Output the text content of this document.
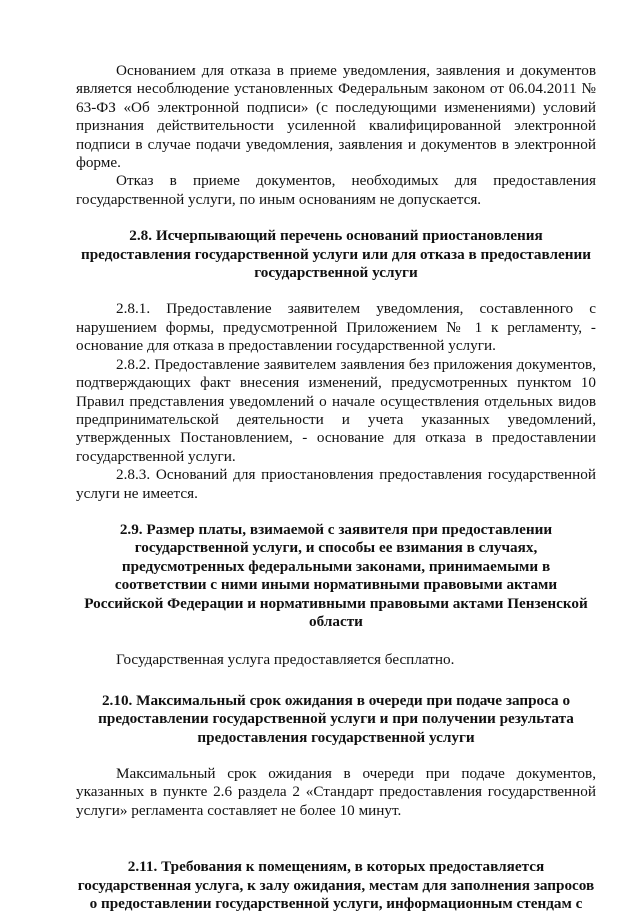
Основанием для отказа в приеме уведомления, заявления и документов является несоблюдение установленных Федеральным законом от 06.04.2011 № 63-ФЗ «Об электронной подписи» (с последующими изменениями) условий признания действительности усиленной квалифицированной электронной подписи в случае подачи уведомления, заявления и документов в электронной форме.

Отказ в приеме документов, необходимых для предоставления государственной услуги, по иным основаниям не допускается.

2.8. Исчерпывающий перечень оснований приостановления предоставления государственной услуги или для отказа в предоставлении государственной услуги

2.8.1. Предоставление заявителем уведомления, составленного с нарушением формы, предусмотренной Приложением № 1 к регламенту, - основание для отказа в предоставлении государственной услуги.

2.8.2. Предоставление заявителем заявления без приложения документов, подтверждающих факт внесения изменений, предусмотренных пунктом 10 Правил представления уведомлений о начале осуществления отдельных видов предпринимательской деятельности и учета указанных уведомлений, утвержденных Постановлением, - основание для отказа в предоставлении государственной услуги.

2.8.3. Оснований для приостановления предоставления государственной услуги не имеется.

2.9. Размер платы, взимаемой с заявителя при предоставлении государственной услуги, и способы ее взимания в случаях, предусмотренных федеральными законами, принимаемыми в соответствии с ними иными нормативными правовыми актами Российской Федерации и нормативными правовыми актами Пензенской области

Государственная услуга предоставляется бесплатно.

2.10. Максимальный срок ожидания в очереди при подаче запроса о предоставлении государственной услуги и при получении результата предоставления государственной услуги

Максимальный срок ожидания в очереди при подаче документов, указанных в пункте 2.6 раздела 2 «Стандарт предоставления государственной услуги» регламента составляет не более 10 минут.

2.11. Требования к помещениям, в которых предоставляется государственная услуга, к залу ожидания, местам для заполнения запросов о предоставлении государственной услуги, информационным стендам с
